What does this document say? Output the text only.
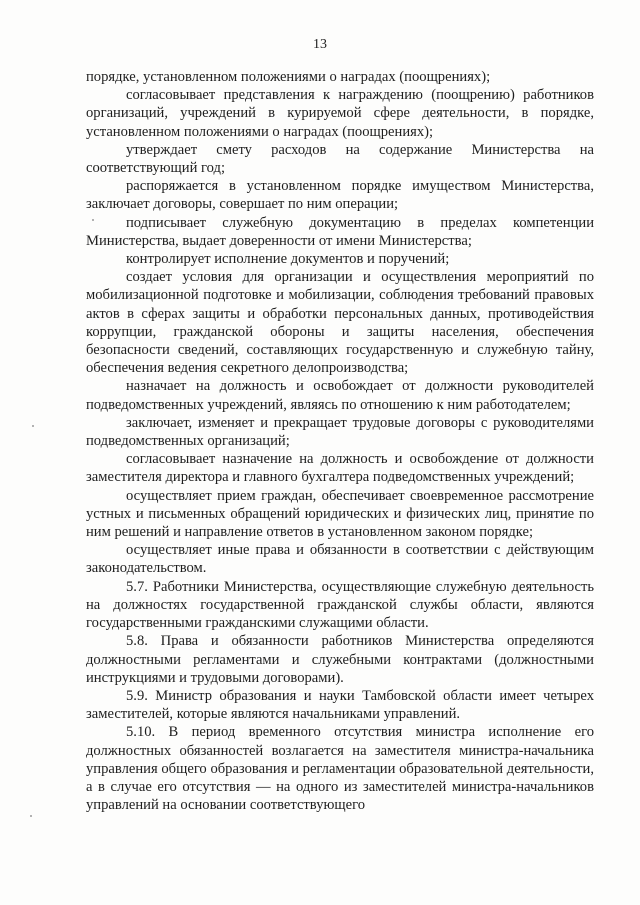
13

порядке, установленном положениями о наградах (поощрениях);

согласовывает представления к награждению (поощрению) работников организаций, учреждений в курируемой сфере деятельности, в порядке, установленном положениями о наградах (поощрениях);

утверждает смету расходов на содержание Министерства на соответствующий год;

распоряжается в установленном порядке имуществом Министерства, заключает договоры, совершает по ним операции;

подписывает служебную документацию в пределах компетенции Министерства, выдает доверенности от имени Министерства;

контролирует исполнение документов и поручений;

создает условия для организации и осуществления мероприятий по мобилизационной подготовке и мобилизации, соблюдения требований правовых актов в сферах защиты и обработки персональных данных, противодействия коррупции, гражданской обороны и защиты населения, обеспечения безопасности сведений, составляющих государственную и служебную тайну, обеспечения ведения секретного делопроизводства;

назначает на должность и освобождает от должности руководителей подведомственных учреждений, являясь по отношению к ним работодателем;

заключает, изменяет и прекращает трудовые договоры с руководителями подведомственных организаций;

согласовывает назначение на должность и освобождение от должности заместителя директора и главного бухгалтера подведомственных учреждений;

осуществляет прием граждан, обеспечивает своевременное рассмотрение устных и письменных обращений юридических и физических лиц, принятие по ним решений и направление ответов в установленном законом порядке;

осуществляет иные права и обязанности в соответствии с действующим законодательством.

5.7. Работники Министерства, осуществляющие служебную деятельность на должностях государственной гражданской службы области, являются государственными гражданскими служащими области.

5.8. Права и обязанности работников Министерства определяются должностными регламентами и служебными контрактами (должностными инструкциями и трудовыми договорами).

5.9. Министр образования и науки Тамбовской области имеет четырех заместителей, которые являются начальниками управлений.

5.10. В период временного отсутствия министра исполнение его должностных обязанностей возлагается на заместителя министра-начальника управления общего образования и регламентации образовательной деятельности, а в случае его отсутствия — на одного из заместителей министра-начальников управлений на основании соответствующего
